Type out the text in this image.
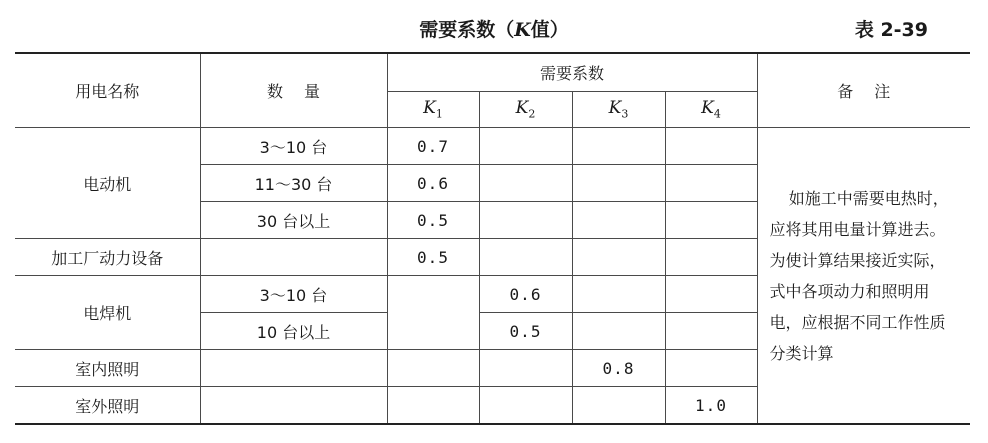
需要系数（K值）	表 2-39
用电名称	数　 量	需要系数				备　 注
		$K_1$	$K_2$	$K_3$	$K_4$
电动机	3～10 台	0.7				如施工中需要电热时，应将其用电量计算进去。为使计算结果接近实际，式中各项动力和照明用电，应根据不同工作性质分类计算

	11～30 台	0.6				
	30 台以上	0.5				
加工厂动力设备		0.5				
电焊机	3～10 台		0.6			
	10 台以上		0.5			
室内照明				0.8		
室外照明					1.0	
